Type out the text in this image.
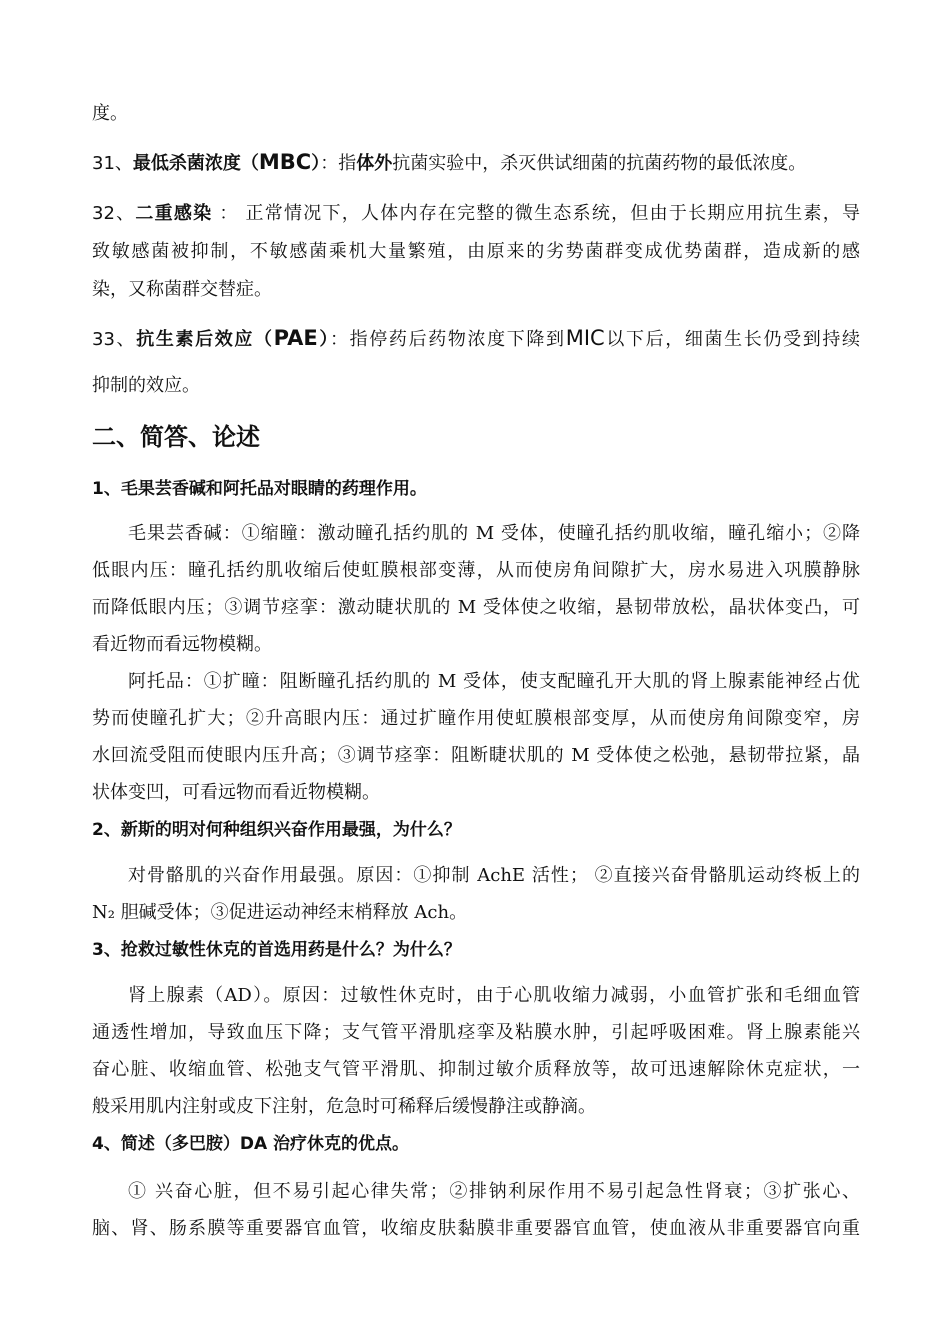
度。
31、最低杀菌浓度（MBC）：指体外抗菌实验中，杀灭供试细菌的抗菌药物的最低浓度。
32、二重感染 ： 正常情况下，人体内存在完整的微生态系统，但由于长期应用抗生素，导
致敏感菌被抑制，不敏感菌乘机大量繁殖，由原来的劣势菌群变成优势菌群，造成新的感
染，又称菌群交替症。
33、抗生素后效应（PAE）：指停药后药物浓度下降到MIC以下后，细菌生长仍受到持续
抑制的效应。
二、简答、论述
1、毛果芸香碱和阿托品对眼睛的药理作用。
毛果芸香碱：①缩瞳：激动瞳孔括约肌的 M 受体，使瞳孔括约肌收缩，瞳孔缩小；②降
低眼内压：瞳孔括约肌收缩后使虹膜根部变薄，从而使房角间隙扩大，房水易进入巩膜静脉
而降低眼内压；③调节痉挛：激动睫状肌的 M 受体使之收缩，悬韧带放松，晶状体变凸，可
看近物而看远物模糊。
阿托品：①扩瞳：阻断瞳孔括约肌的 M 受体，使支配瞳孔开大肌的肾上腺素能神经占优
势而使瞳孔扩大；②升高眼内压：通过扩瞳作用使虹膜根部变厚，从而使房角间隙变窄，房
水回流受阻而使眼内压升高；③调节痉挛：阻断睫状肌的 M 受体使之松弛，悬韧带拉紧，晶
状体变凹，可看远物而看近物模糊。
2、新斯的明对何种组织兴奋作用最强，为什么？
对骨骼肌的兴奋作用最强。原因：①抑制 AchE 活性； ②直接兴奋骨骼肌运动终板上的
N₂ 胆碱受体；③促进运动神经末梢释放 Ach。
3、抢救过敏性休克的首选用药是什么？为什么？
肾上腺素（AD）。原因：过敏性休克时，由于心肌收缩力减弱，小血管扩张和毛细血管
通透性增加，导致血压下降；支气管平滑肌痉挛及粘膜水肿，引起呼吸困难。肾上腺素能兴
奋心脏、收缩血管、松弛支气管平滑肌、抑制过敏介质释放等，故可迅速解除休克症状，一
般采用肌内注射或皮下注射，危急时可稀释后缓慢静注或静滴。
4、简述（多巴胺）DA 治疗休克的优点。
① 兴奋心脏，但不易引起心律失常；②排钠利尿作用不易引起急性肾衰；③扩张心、
脑、肾、肠系膜等重要器官血管，收缩皮肤黏膜非重要器官血管，使血液从非重要器官向重
